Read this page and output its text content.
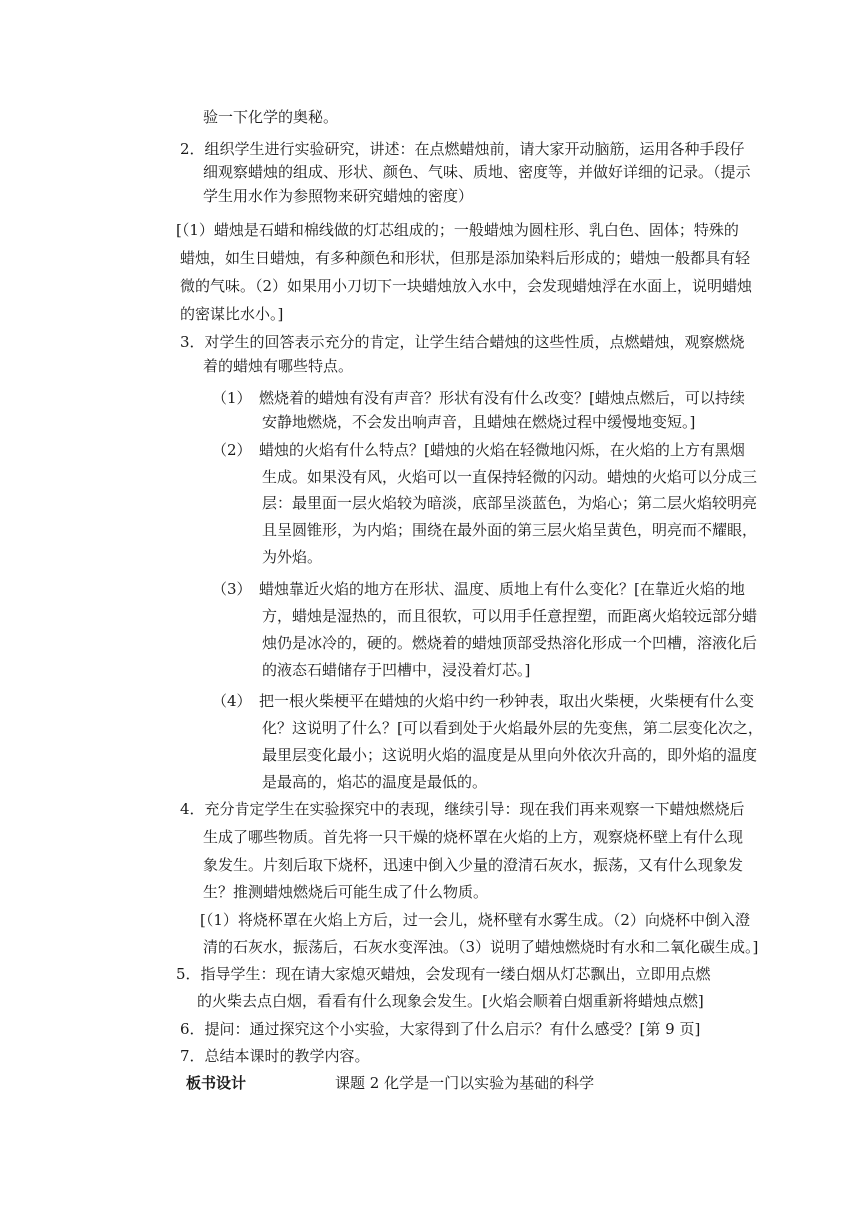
验一下化学的奥秘。
2．组织学生进行实验研究，讲述：在点燃蜡烛前，请大家开动脑筋，运用各种手段仔
细观察蜡烛的组成、形状、颜色、气味、质地、密度等，并做好详细的记录。（提示
学生用水作为参照物来研究蜡烛的密度）
[（1）蜡烛是石蜡和棉线做的灯芯组成的；一般蜡烛为圆柱形、乳白色、固体；特殊的
蜡烛，如生日蜡烛，有多种颜色和形状，但那是添加染料后形成的；蜡烛一般都具有轻
微的气味。（2）如果用小刀切下一块蜡烛放入水中，会发现蜡烛浮在水面上，说明蜡烛
的密谋比水小。]
3．对学生的回答表示充分的肯定，让学生结合蜡烛的这些性质，点燃蜡烛，观察燃烧
着的蜡烛有哪些特点。
（1）　燃烧着的蜡烛有没有声音？形状有没有什么改变？[蜡烛点燃后，可以持续
安静地燃烧，不会发出响声音，且蜡烛在燃烧过程中缓慢地变短。]
（2）　蜡烛的火焰有什么特点？[蜡烛的火焰在轻微地闪烁，在火焰的上方有黑烟
生成。如果没有风，火焰可以一直保持轻微的闪动。蜡烛的火焰可以分成三
层：最里面一层火焰较为暗淡，底部呈淡蓝色，为焰心；第二层火焰较明亮
且呈圆锥形，为内焰；围绕在最外面的第三层火焰呈黄色，明亮而不耀眼，
为外焰。
（3）　蜡烛靠近火焰的地方在形状、温度、质地上有什么变化？[在靠近火焰的地
方，蜡烛是湿热的，而且很软，可以用手任意捏塑，而距离火焰较远部分蜡
烛仍是冰冷的，硬的。燃烧着的蜡烛顶部受热溶化形成一个凹槽，溶液化后
的液态石蜡储存于凹槽中，浸没着灯芯。]
（4）　把一根火柴梗平在蜡烛的火焰中约一秒钟表，取出火柴梗，火柴梗有什么变
化？这说明了什么？[可以看到处于火焰最外层的先变焦，第二层变化次之，
最里层变化最小；这说明火焰的温度是从里向外依次升高的，即外焰的温度
是最高的，焰芯的温度是最低的。
4．充分肯定学生在实验探究中的表现，继续引导：现在我们再来观察一下蜡烛燃烧后
生成了哪些物质。首先将一只干燥的烧杯罩在火焰的上方，观察烧杯壁上有什么现
象发生。片刻后取下烧杯，迅速中倒入少量的澄清石灰水，振荡，又有什么现象发
生？推测蜡烛燃烧后可能生成了什么物质。
[（1）将烧杯罩在火焰上方后，过一会儿，烧杯壁有水雾生成。（2）向烧杯中倒入澄
清的石灰水，振荡后，石灰水变浑浊。（3）说明了蜡烛燃烧时有水和二氧化碳生成。]
5．指导学生：现在请大家熄灭蜡烛，会发现有一缕白烟从灯芯飘出，立即用点燃
的火柴去点白烟，看看有什么现象会发生。[火焰会顺着白烟重新将蜡烛点燃]
6．提问：通过探究这个小实验，大家得到了什么启示？有什么感受？[第 9 页]
7．总结本课时的教学内容。
板书设计	课题 2 化学是一门以实验为基础的科学
